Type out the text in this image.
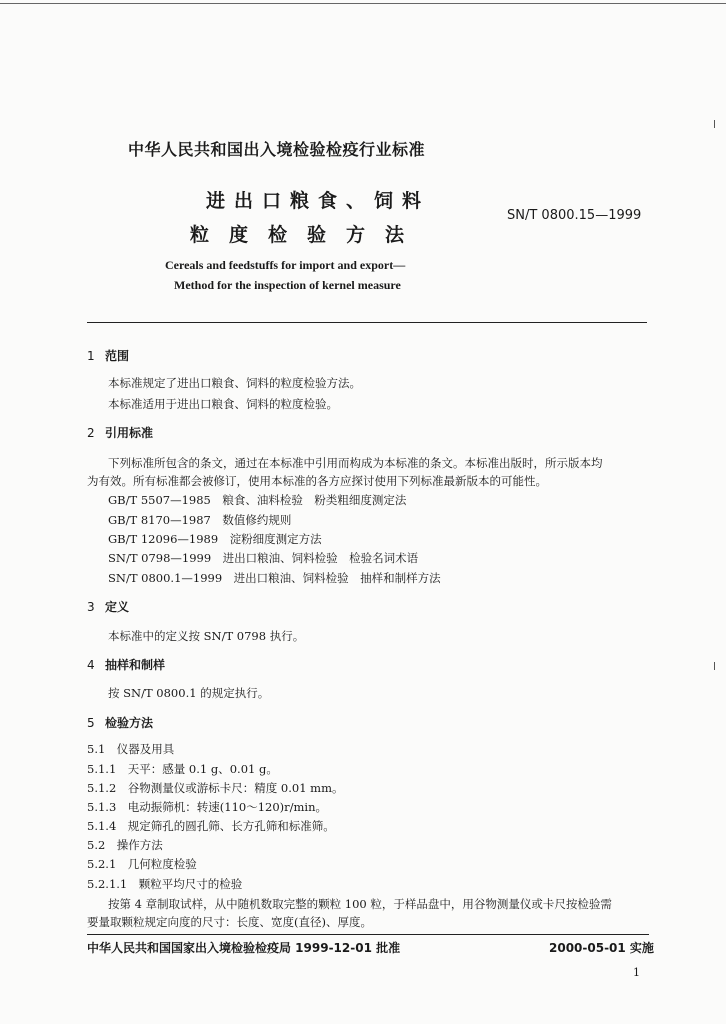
中华人民共和国出入境检验检疫行业标准
进出口粮食、饲料
粒度检验方法
SN/T 0800.15—1999
Cereals and feedstuffs for import and export—
Method for the inspection of kernel measure
1 范围
本标准规定了进出口粮食、饲料的粒度检验方法。
本标准适用于进出口粮食、饲料的粒度检验。
2 引用标准
下列标准所包含的条文，通过在本标准中引用而构成为本标准的条文。本标准出版时，所示版本均
为有效。所有标准都会被修订，使用本标准的各方应探讨使用下列标准最新版本的可能性。
GB/T 5507—1985　粮食、油料检验　粉类粗细度测定法
GB/T 8170—1987　数值修约规则
GB/T 12096—1989　淀粉细度测定方法
SN/T 0798—1999　进出口粮油、饲料检验　检验名词术语
SN/T 0800.1—1999　进出口粮油、饲料检验　抽样和制样方法
3 定义
本标准中的定义按 SN/T 0798 执行。
4 抽样和制样
按 SN/T 0800.1 的规定执行。
5 检验方法
5.1　仪器及用具
5.1.1　天平：感量 0.1 g、0.01 g。
5.1.2　谷物测量仪或游标卡尺：精度 0.01 mm。
5.1.3　电动振筛机：转速(110～120)r/min。
5.1.4　规定筛孔的圆孔筛、长方孔筛和标准筛。
5.2　操作方法
5.2.1　几何粒度检验
5.2.1.1　颗粒平均尺寸的检验
按第 4 章制取试样，从中随机数取完整的颗粒 100 粒，于样品盘中，用谷物测量仪或卡尺按检验需
要量取颗粒规定向度的尺寸：长度、宽度(直径)、厚度。
中华人民共和国国家出入境检验检疫局 1999-12-01 批准	2000-05-01 实施
1
